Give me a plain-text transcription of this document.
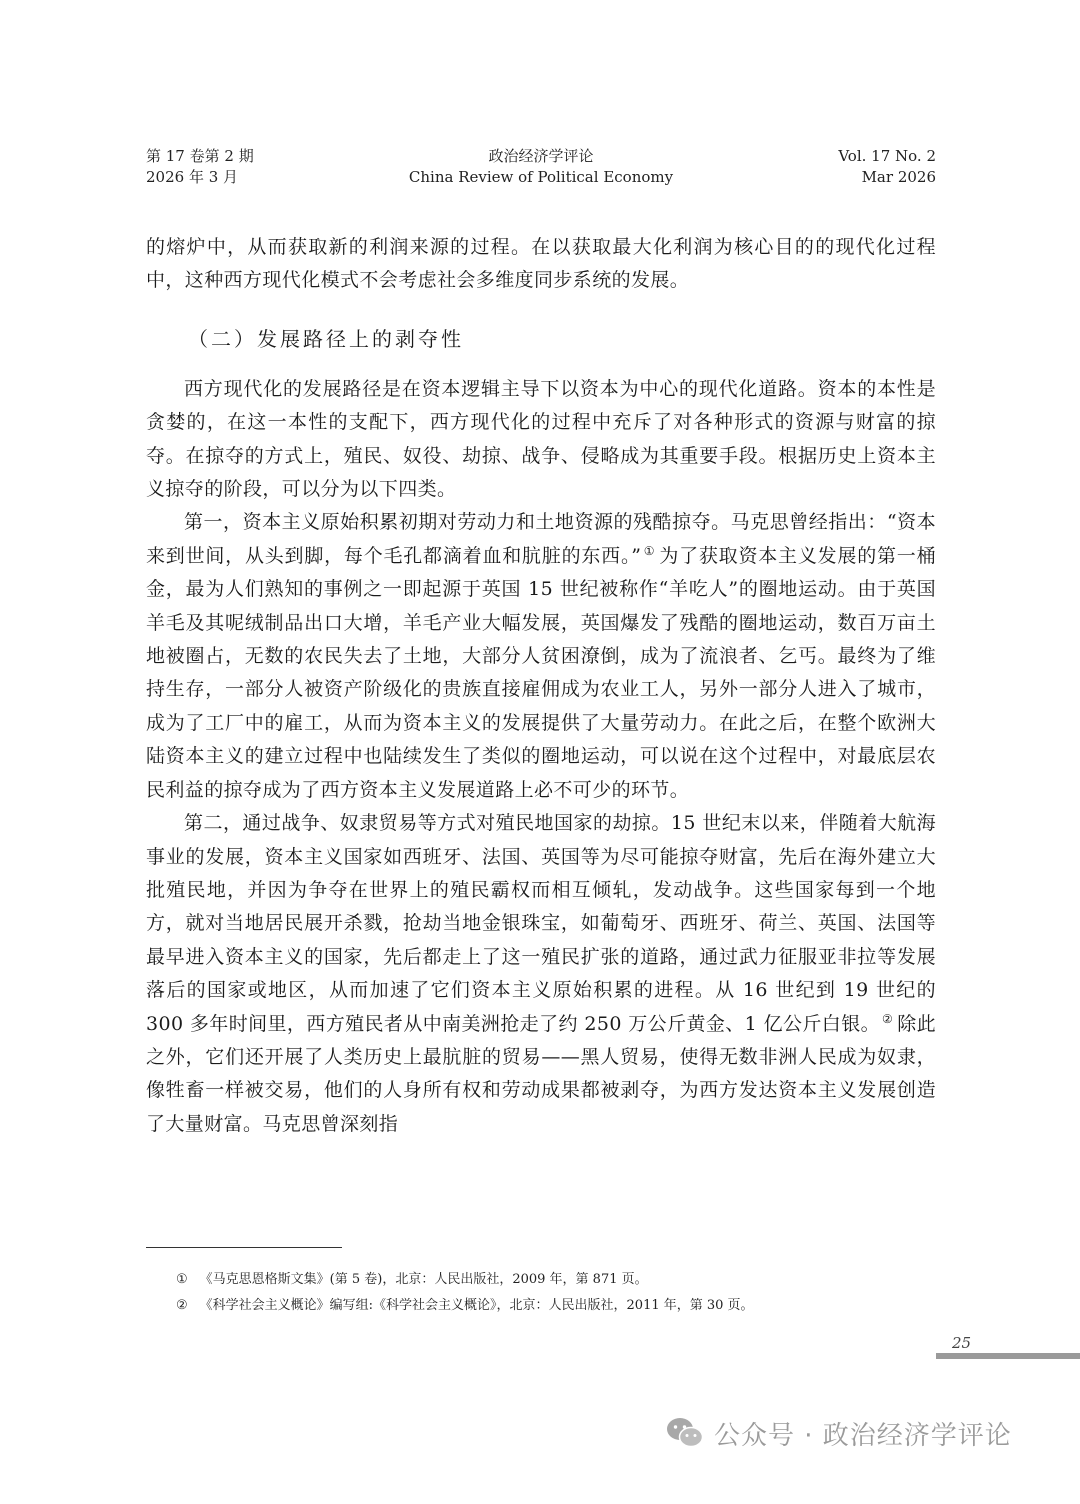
第 17 卷第 2 期
2026 年 3 月
政治经济学评论
China Review of Political Economy
Vol. 17 No. 2
Mar 2026

的熔炉中，从而获取新的利润来源的过程。在以获取最大化利润为核心目的的现代化过程中，这种西方现代化模式不会考虑社会多维度同步系统的发展。

（二）发展路径上的剥夺性

西方现代化的发展路径是在资本逻辑主导下以资本为中心的现代化道路。资本的本性是贪婪的，在这一本性的支配下，西方现代化的过程中充斥了对各种形式的资源与财富的掠夺。在掠夺的方式上，殖民、奴役、劫掠、战争、侵略成为其重要手段。根据历史上资本主义掠夺的阶段，可以分为以下四类。

第一，资本主义原始积累初期对劳动力和土地资源的残酷掠夺。马克思曾经指出：“资本来到世间，从头到脚，每个毛孔都滴着血和肮脏的东西。” ① 为了获取资本主义发展的第一桶金，最为人们熟知的事例之一即起源于英国 15 世纪被称作“羊吃人”的圈地运动。由于英国羊毛及其呢绒制品出口大增，羊毛产业大幅发展，英国爆发了残酷的圈地运动，数百万亩土地被圈占，无数的农民失去了土地，大部分人贫困潦倒，成为了流浪者、乞丐。最终为了维持生存，一部分人被资产阶级化的贵族直接雇佣成为农业工人，另外一部分人进入了城市，成为了工厂中的雇工，从而为资本主义的发展提供了大量劳动力。在此之后，在整个欧洲大陆资本主义的建立过程中也陆续发生了类似的圈地运动，可以说在这个过程中，对最底层农民利益的掠夺成为了西方资本主义发展道路上必不可少的环节。

第二，通过战争、奴隶贸易等方式对殖民地国家的劫掠。15 世纪末以来，伴随着大航海事业的发展，资本主义国家如西班牙、法国、英国等为尽可能掠夺财富，先后在海外建立大批殖民地，并因为争夺在世界上的殖民霸权而相互倾轧，发动战争。这些国家每到一个地方，就对当地居民展开杀戮，抢劫当地金银珠宝，如葡萄牙、西班牙、荷兰、英国、法国等最早进入资本主义的国家，先后都走上了这一殖民扩张的道路，通过武力征服亚非拉等发展落后的国家或地区，从而加速了它们资本主义原始积累的进程。从 16 世纪到 19 世纪的 300 多年时间里，西方殖民者从中南美洲抢走了约 250 万公斤黄金、1 亿公斤白银。 ② 除此之外，它们还开展了人类历史上最肮脏的贸易——黑人贸易，使得无数非洲人民成为奴隶，像牲畜一样被交易，他们的人身所有权和劳动成果都被剥夺，为西方发达资本主义发展创造了大量财富。马克思曾深刻指

① 《马克思恩格斯文集》(第 5 卷)，北京：人民出版社，2009 年，第 871 页。
② 《科学社会主义概论》编写组:《科学社会主义概论》，北京：人民出版社，2011 年，第 30 页。
25
公众号 · 政治经济学评论
